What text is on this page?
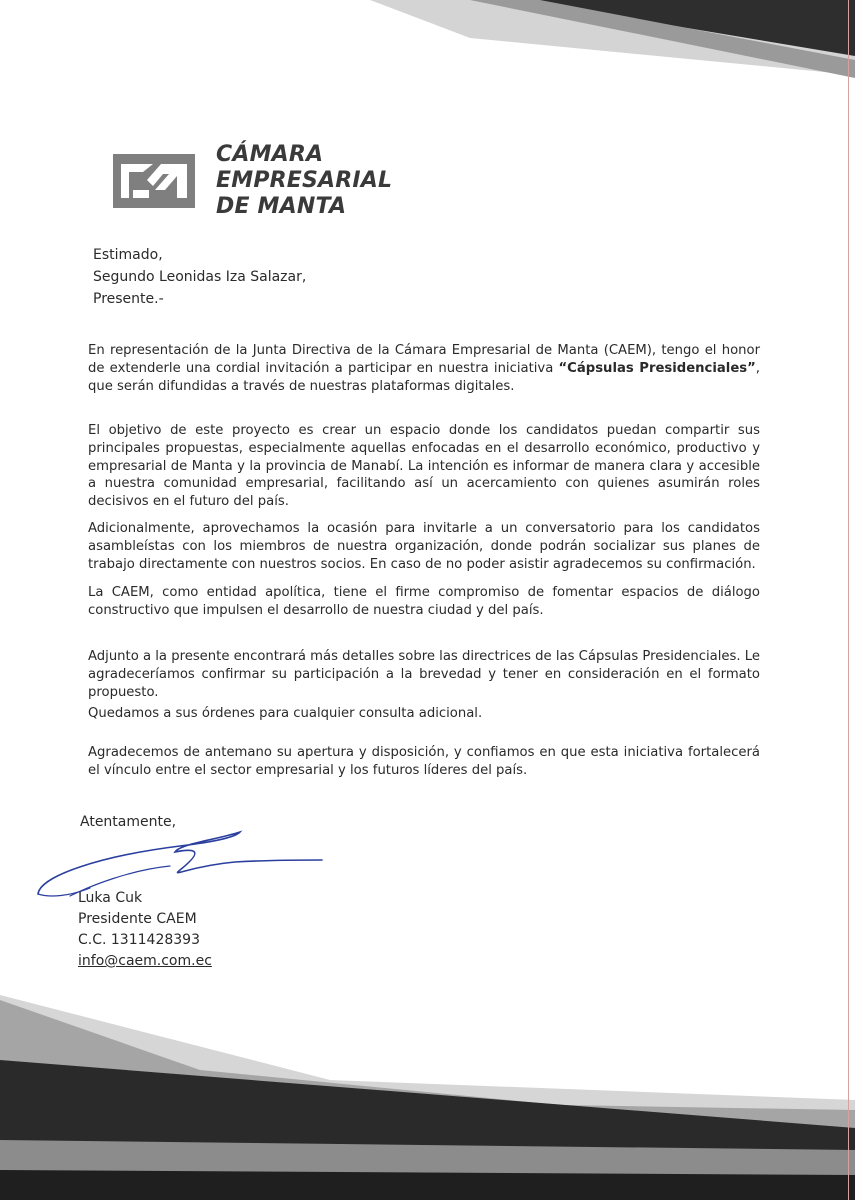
CÁMARA
EMPRESARIAL
DE MANTA
Estimado,
Segundo Leonidas Iza Salazar,
Presente.-

En representación de la Junta Directiva de la Cámara Empresarial de Manta (CAEM), tengo el honor de extenderle una cordial invitación a participar en nuestra iniciativa “Cápsulas Presidenciales”, que serán difundidas a través de nuestras plataformas digitales.

El objetivo de este proyecto es crear un espacio donde los candidatos puedan compartir sus principales propuestas, especialmente aquellas enfocadas en el desarrollo económico, productivo y empresarial de Manta y la provincia de Manabí. La intención es informar de manera clara y accesible a nuestra comunidad empresarial, facilitando así un acercamiento con quienes asumirán roles decisivos en el futuro del país.

Adicionalmente, aprovechamos la ocasión para invitarle a un conversatorio para los candidatos asambleístas con los miembros de nuestra organización, donde podrán socializar sus planes de trabajo directamente con nuestros socios. En caso de no poder asistir agradecemos su confirmación.

La CAEM, como entidad apolítica, tiene el firme compromiso de fomentar espacios de diálogo constructivo que impulsen el desarrollo de nuestra ciudad y del país.

Adjunto a la presente encontrará más detalles sobre las directrices de las Cápsulas Presidenciales. Le agradeceríamos confirmar su participación a la brevedad y tener en consideración en el formato propuesto.

Quedamos a sus órdenes para cualquier consulta adicional.

Agradecemos de antemano su apertura y disposición, y confiamos en que esta iniciativa fortalecerá el vínculo entre el sector empresarial y los futuros líderes del país.

Atentamente,
Luka Cuk
Presidente CAEM
C.C. 1311428393
info@caem.com.ec
